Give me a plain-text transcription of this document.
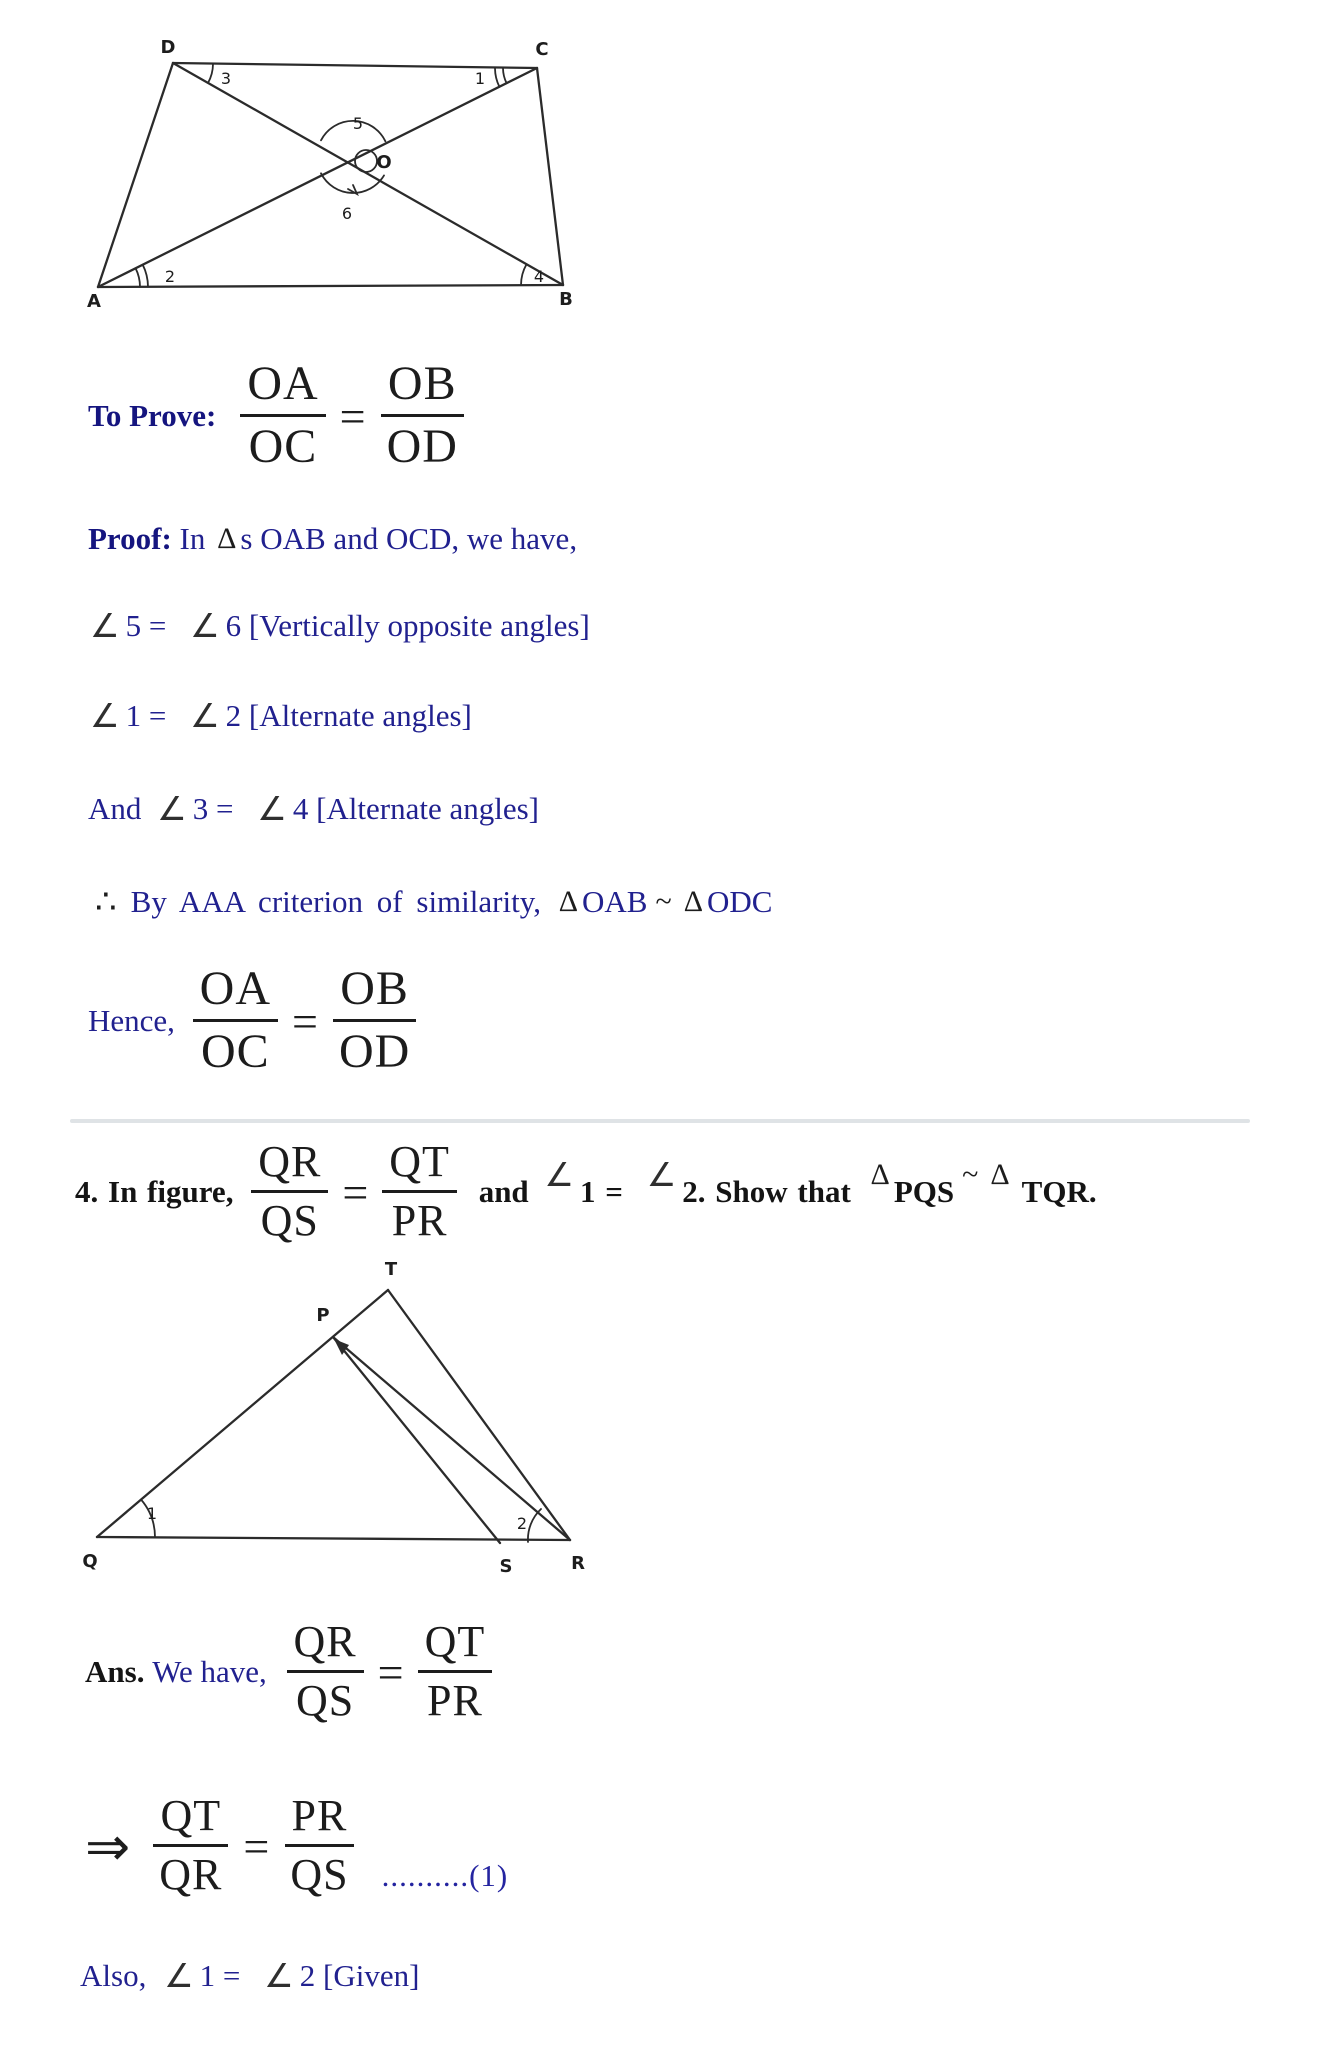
D	C
A	B
O
3	1
5
6
2	4
To Prove: $\frac{OA}{OC} = \frac{OB}{OD}$
Proof: In Δ s OAB and OCD, we have,
∠ 5 = ∠ 6 [Vertically opposite angles]
∠ 1 = ∠ 2 [Alternate angles]
And ∠ 3 = ∠ 4 [Alternate angles]
∴ By AAA criterion of similarity, Δ OAB ~ Δ ODC
Hence, $\frac{OA}{OC} = \frac{OB}{OD}$
4. In figure, $\frac{QR}{QS} = \frac{QT}{PR}$ and ∠ 1 = ∠ 2. Show that Δ PQS ~ Δ TQR.
Q	R
S
T
P
1
2
Ans. We have, $\frac{QR}{QS} = \frac{QT}{PR}$
⇒ $\frac{QT}{QR} = \frac{PR}{QS} ..........(1)$
Also, ∠ 1 = ∠ 2 [Given]
